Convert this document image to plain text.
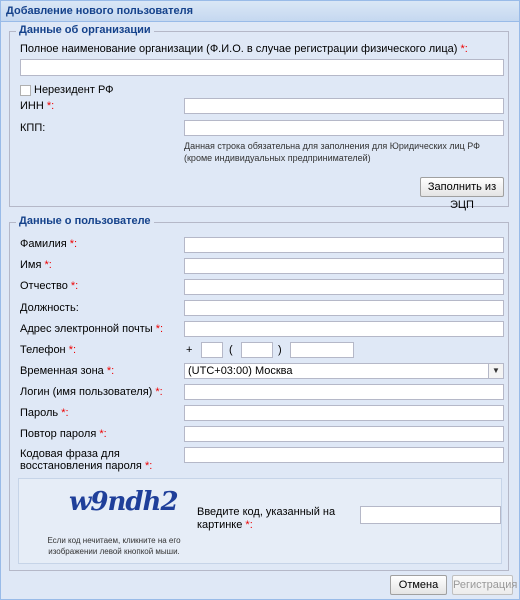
Добавление нового пользователя
Данные об организации
Полное наименование организации (Ф.И.О. в случае регистрации физического лица) *:
Нерезидент РФ
ИНН *:
КПП:
Данная строка обязательна для заполнения для Юридических лиц РФ (кроме индивидуальных предпринимателей)
Заполнить из ЭЦП
Данные о пользователе
Фамилия *:
Имя *:
Отчество *:
Должность:
Адрес электронной почты *:
Телефон *:	+	(	)
Временная зона *:	(UTC+03:00) Москва	▼
Логин (имя пользователя) *:
Пароль *:
Повтор пароля *:
Кодовая фраза для восстановления пароля *:
w9ndh2
Если код нечитаем, кликните на его изображении левой кнопкой мыши.
Введите код, указанный на картинке *:
Отмена	Регистрация
